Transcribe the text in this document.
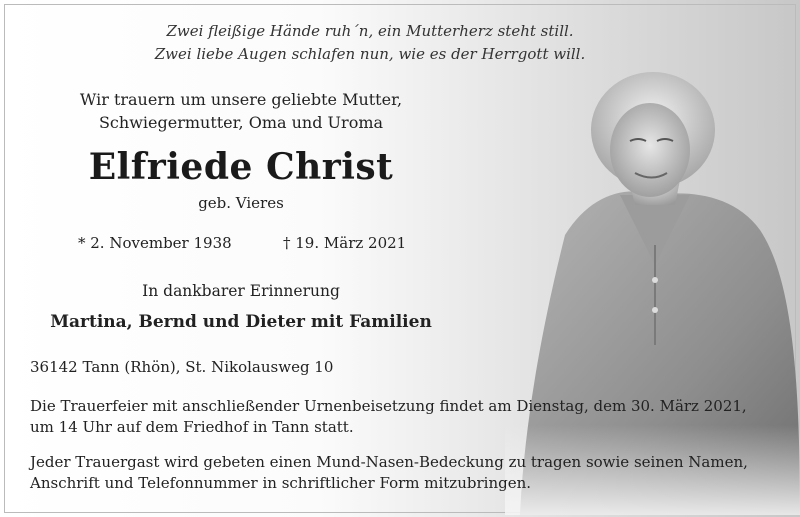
Zwei fleißige Hände ruh´n, ein Mutterherz steht still.
Zwei liebe Augen schlafen nun, wie es der Herrgott will.
Wir trauern um unsere geliebte Mutter,
Schwiegermutter, Oma und Uroma
Elfriede Christ
geb. Vieres
* 2. November 1938	† 19. März 2021
In dankbarer Erinnerung
Martina, Bernd und Dieter mit Familien
36142 Tann (Rhön), St. Nikolausweg 10
Die Trauerfeier mit anschließender Urnenbeisetzung findet am Dienstag, dem 30. März 2021,
um 14 Uhr auf dem Friedhof in Tann statt.
Jeder Trauergast wird gebeten einen Mund-Nasen-Bedeckung zu tragen sowie seinen Namen,
Anschrift und Telefonnummer in schriftlicher Form mitzubringen.
